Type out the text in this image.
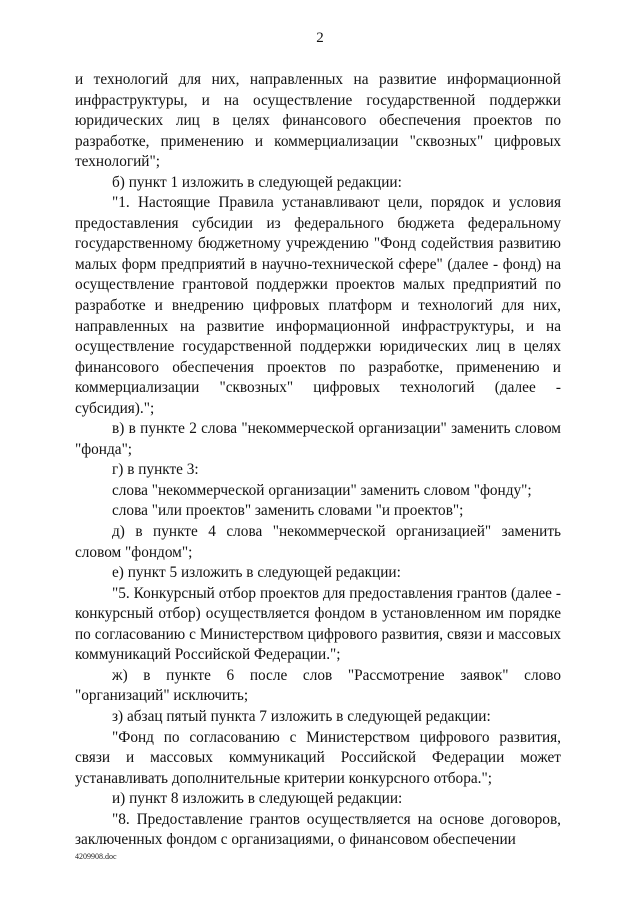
2

и технологий для них, направленных на развитие информационной инфраструктуры, и на осуществление государственной поддержки юридических лиц в целях финансового обеспечения проектов по разработке, применению и коммерциализации "сквозных" цифровых технологий";

б) пункт 1 изложить в следующей редакции:

"1. Настоящие Правила устанавливают цели, порядок и условия предоставления субсидии из федерального бюджета федеральному государственному бюджетному учреждению "Фонд содействия развитию малых форм предприятий в научно-технической сфере" (далее - фонд) на осуществление грантовой поддержки проектов малых предприятий по разработке и внедрению цифровых платформ и технологий для них, направленных на развитие информационной инфраструктуры, и на осуществление государственной поддержки юридических лиц в целях финансового обеспечения проектов по разработке, применению и коммерциализации "сквозных" цифровых технологий (далее - субсидия).";

в) в пункте 2 слова "некоммерческой организации" заменить словом "фонда";

г) в пункте 3:

слова "некоммерческой организации" заменить словом "фонду";

слова "или проектов" заменить словами "и проектов";

д) в пункте 4 слова "некоммерческой организацией" заменить словом "фондом";

е) пункт 5 изложить в следующей редакции:

"5. Конкурсный отбор проектов для предоставления грантов (далее - конкурсный отбор) осуществляется фондом в установленном им порядке по согласованию с Министерством цифрового развития, связи и массовых коммуникаций Российской Федерации.";

ж) в пункте 6 после слов "Рассмотрение заявок" слово "организаций" исключить;

з) абзац пятый пункта 7 изложить в следующей редакции:

"Фонд по согласованию с Министерством цифрового развития, связи и массовых коммуникаций Российской Федерации может устанавливать дополнительные критерии конкурсного отбора.";

и) пункт 8 изложить в следующей редакции:

"8. Предоставление грантов осуществляется на основе договоров, заключенных фондом с организациями, о финансовом обеспечении

4209908.doc
